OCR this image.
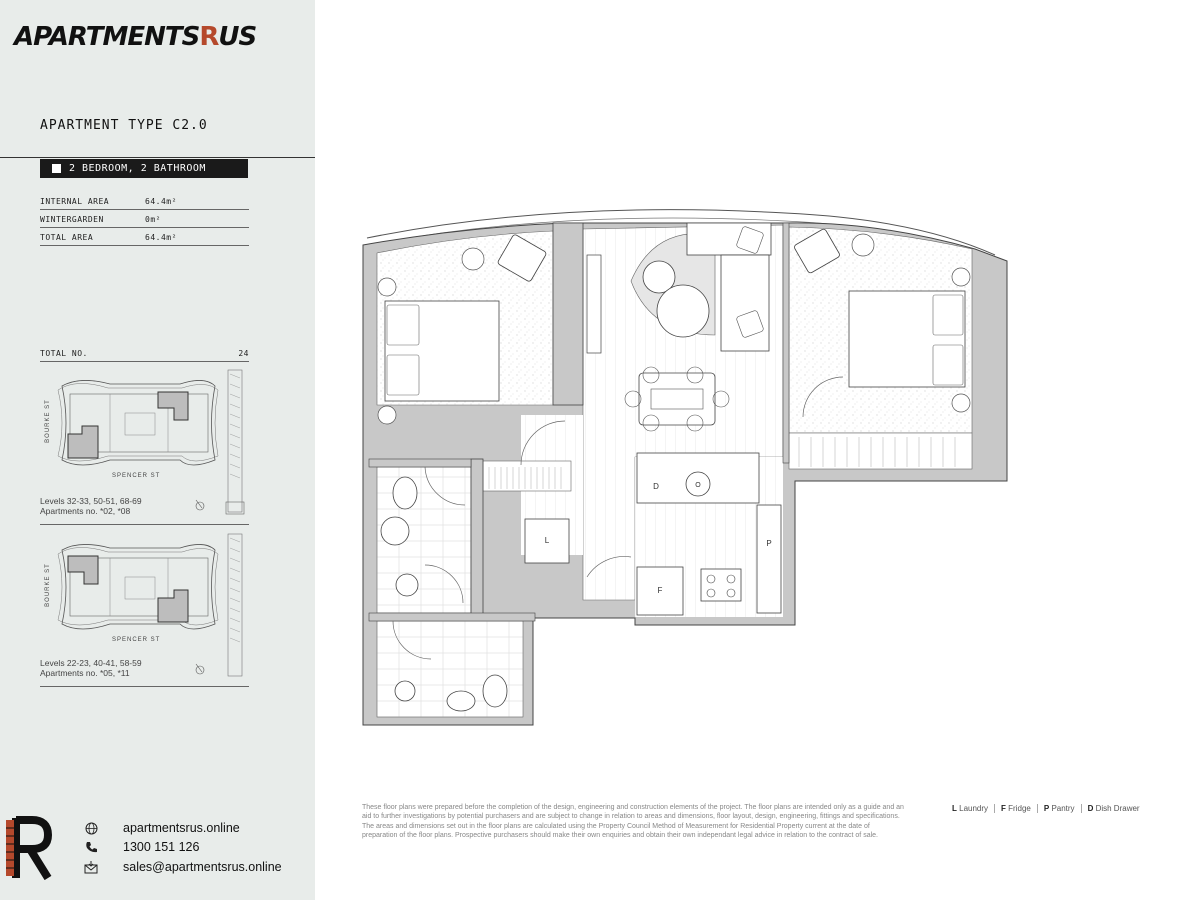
APARTMENTSRUS
APARTMENT TYPE C2.0
2 BEDROOM, 2 BATHROOM
INTERNAL AREA	64.4m²
WINTERGARDEN	0m²
TOTAL AREA	64.4m²
TOTAL NO.	24
BOURKE ST
SPENCER ST
Levels 32-33, 50-51, 68-69
Apartments no. *02, *08
BOURKE ST
SPENCER ST
Levels 22-23, 40-41, 58-59
Apartments no. *05, *11
apartmentsrus.online
1300 151 126
sales@apartmentsrus.online
L
D	O
P
F
These floor plans were prepared before the completion of the design, engineering and construction elements of the project. The floor plans are intended only as a guide and an aid to further investigations by potential purchasers and are subject to change in relation to areas and dimensions, floor layout, design, engineering, fittings and specifications. The areas and dimensions set out in the floor plans are calculated using the Property Council Method of Measurement for Residential Property current at the date of preparation of the floor plans. Prospective purchasers should make their own enquiries and obtain their own independant legal advice in relation to the contract of sale.
L Laundry	F Fridge	P Pantry	D Dish Drawer
